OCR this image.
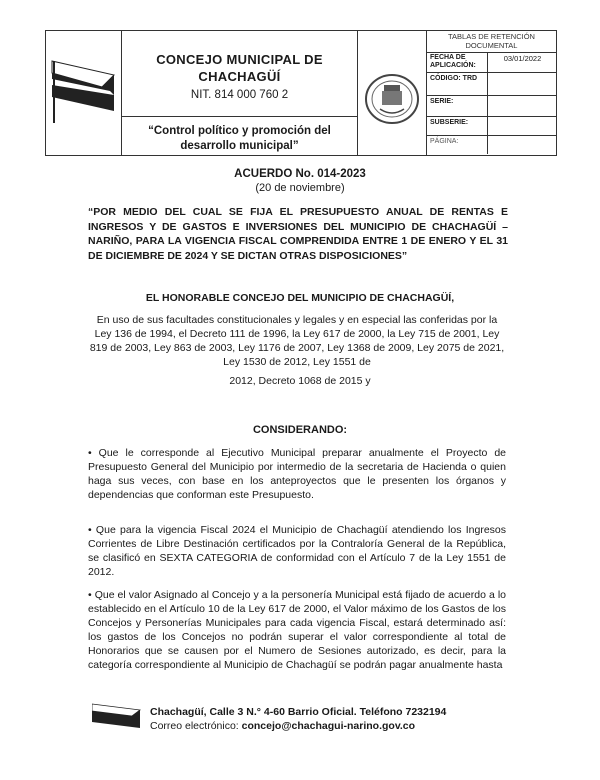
CONCEJO MUNICIPAL DE
CHACHAGÜÍ
NIT. 814 000 760 2
“Control político y promoción del
desarrollo municipal”
TABLAS DE RETENCIÓN DOCUMENTAL
FECHA DE APLICACIÓN:
03/01/2022
CÓDIGO: TRD
SERIE:
SUBSERIE:
PÁGINA:
ACUERDO No. 014-2023
(20 de noviembre)
“POR MEDIO DEL CUAL SE FIJA EL PRESUPUESTO ANUAL DE RENTAS E INGRESOS Y DE GASTOS E INVERSIONES DEL MUNICIPIO DE CHACHAGÜÍ – NARIÑO, PARA LA VIGENCIA FISCAL COMPRENDIDA ENTRE 1 DE ENERO Y EL 31 DE DICIEMBRE DE 2024 Y SE DICTAN OTRAS DISPOSICIONES”
EL HONORABLE CONCEJO DEL MUNICIPIO DE CHACHAGÜÍ,
En uso de sus facultades constitucionales y legales y en especial las conferidas por la Ley 136 de 1994, el Decreto 111 de 1996, la Ley 617 de 2000, la Ley 715 de 2001, Ley 819 de 2003, Ley 863 de 2003, Ley 1176 de 2007, Ley 1368 de 2009, Ley 2075 de 2021, Ley 1530 de 2012, Ley 1551 de
2012, Decreto 1068 de 2015 y
CONSIDERANDO:
• Que le corresponde al Ejecutivo Municipal preparar anualmente el Proyecto de Presupuesto General del Municipio por intermedio de la secretaria de Hacienda o quien haga sus veces, con base en los anteproyectos que le presenten los órganos y dependencias que conforman este Presupuesto.
• Que para la vigencia Fiscal 2024 el Municipio de Chachagüí atendiendo los Ingresos Corrientes de Libre Destinación certificados por la Contraloría General de la República, se clasificó en SEXTA CATEGORIA de conformidad con el Artículo 7 de la Ley 1551 de 2012.
• Que el valor Asignado al Concejo y a la personería Municipal está fijado de acuerdo a lo establecido en el Artículo 10 de la Ley 617 de 2000, el Valor máximo de los Gastos de los Concejos y Personerías Municipales para cada vigencia Fiscal, estará determinado así: los gastos de los Concejos no podrán superar el valor correspondiente al total de Honorarios que se causen por el Numero de Sesiones autorizado, es decir, para la categoría correspondiente al Municipio de Chachagüí se podrán pagar anualmente hasta
Chachagüí, Calle 3 N.° 4-60 Barrio Oficial. Teléfono 7232194
Correo electrónico: concejo@chachagui-narino.gov.co
